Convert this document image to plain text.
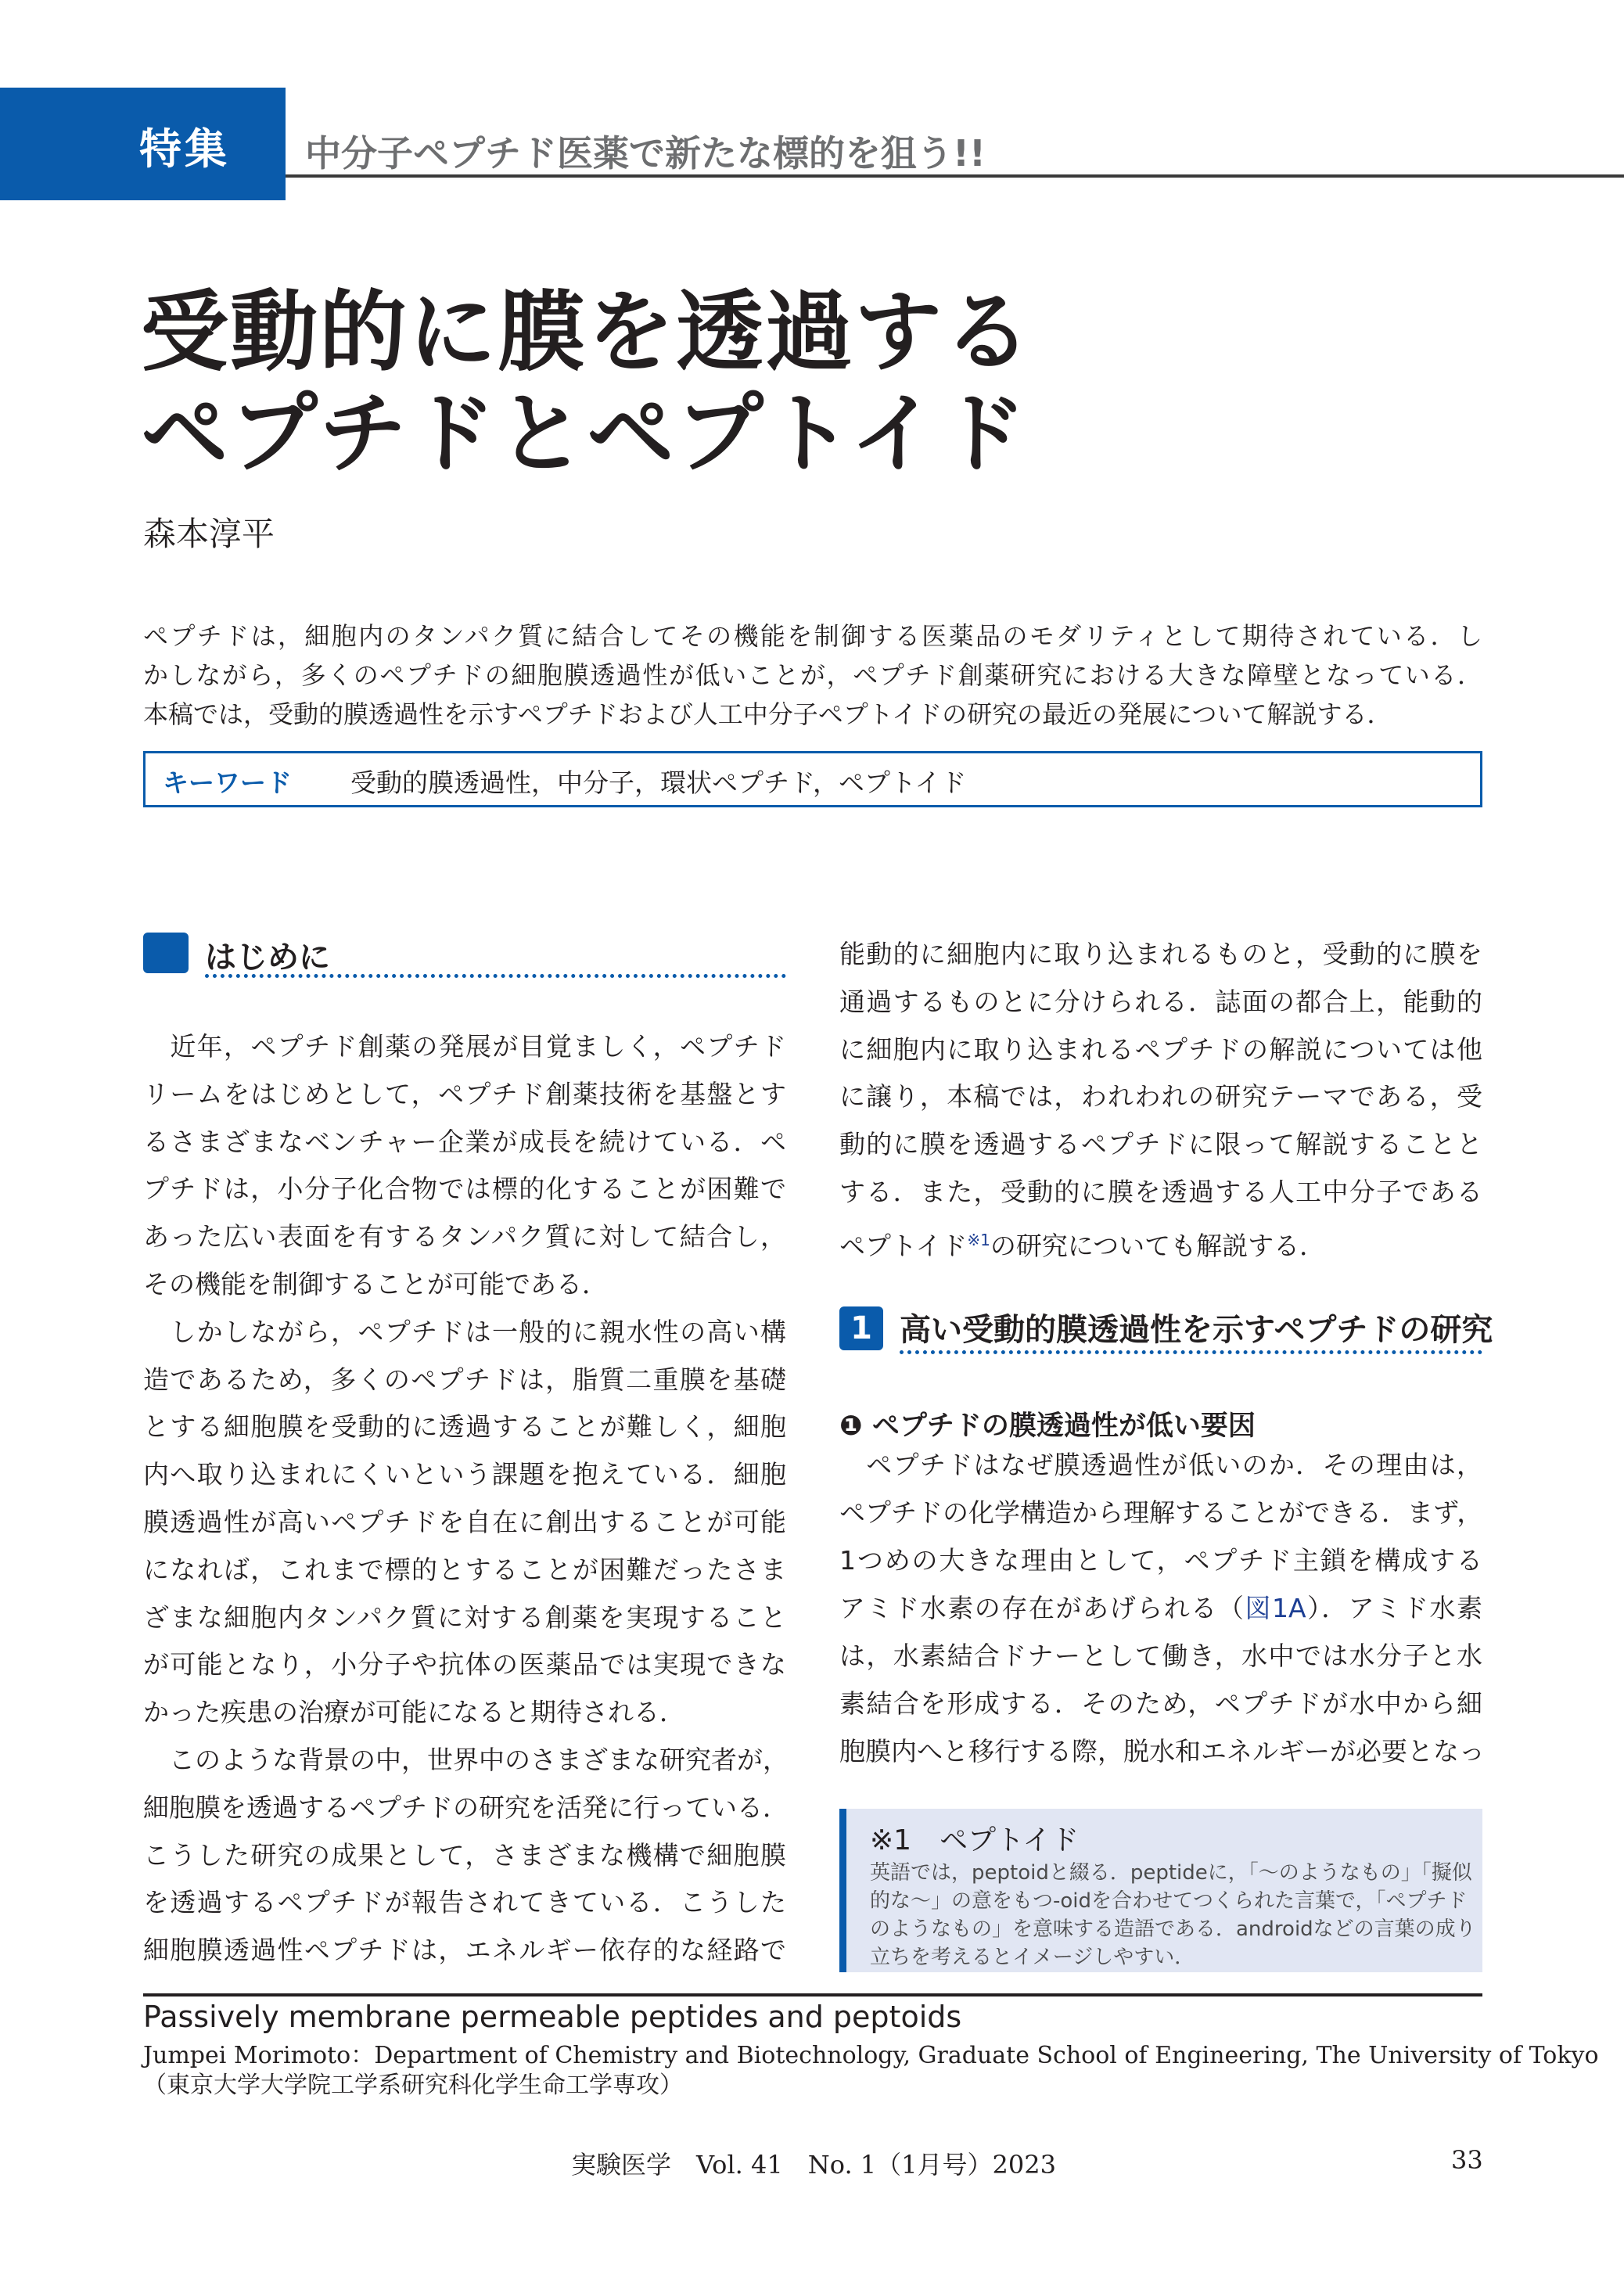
特集 中分子ペプチド医薬で新たな標的を狙う!!
受動的に膜を透過する
ペプチドとペプトイド
森本淳平
ペプチドは，細胞内のタンパク質に結合してその機能を制御する医薬品のモダリティとして期待されている．し
かしながら，多くのペプチドの細胞膜透過性が低いことが，ペプチド創薬研究における大きな障壁となっている．
本稿では，受動的膜透過性を示すペプチドおよび人工中分子ペプトイドの研究の最近の発展について解説する．
キーワード 受動的膜透過性，中分子，環状ペプチド，ペプトイド
はじめに
　近年，ペプチド創薬の発展が目覚ましく，ペプチド
リームをはじめとして，ペプチド創薬技術を基盤とす
るさまざまなベンチャー企業が成長を続けている．ペ
プチドは，小分子化合物では標的化することが困難で
あった広い表面を有するタンパク質に対して結合し，
その機能を制御することが可能である．
　しかしながら，ペプチドは一般的に親水性の高い構
造であるため，多くのペプチドは，脂質二重膜を基礎
とする細胞膜を受動的に透過することが難しく，細胞
内へ取り込まれにくいという課題を抱えている．細胞
膜透過性が高いペプチドを自在に創出することが可能
になれば，これまで標的とすることが困難だったさま
ざまな細胞内タンパク質に対する創薬を実現すること
が可能となり，小分子や抗体の医薬品では実現できな
かった疾患の治療が可能になると期待される．
　このような背景の中，世界中のさまざまな研究者が，
細胞膜を透過するペプチドの研究を活発に行っている．
こうした研究の成果として，さまざまな機構で細胞膜
を透過するペプチドが報告されてきている．こうした
細胞膜透過性ペプチドは，エネルギー依存的な経路で
能動的に細胞内に取り込まれるものと，受動的に膜を
通過するものとに分けられる．誌面の都合上，能動的
に細胞内に取り込まれるペプチドの解説については他
に譲り，本稿では，われわれの研究テーマである，受
動的に膜を透過するペプチドに限って解説することと
する．また，受動的に膜を透過する人工中分子である
ペプトイド$^{※1}$の研究についても解説する．
1 高い受動的膜透過性を示すペプチドの研究
❶ ペプチドの膜透過性が低い要因
　ペプチドはなぜ膜透過性が低いのか．その理由は，
ペプチドの化学構造から理解することができる．まず，
1つめの大きな理由として，ペプチド主鎖を構成する
アミド水素の存在があげられる（図1A）．アミド水素
は，水素結合ドナーとして働き，水中では水分子と水
素結合を形成する．そのため，ペプチドが水中から細
胞膜内へと移行する際，脱水和エネルギーが必要となっ
※1　ペプトイド
英語では，peptoidと綴る．peptideに，「～のようなもの」「擬似
的な～」の意をもつ-oidを合わせてつくられた言葉で，「ペプチド
のようなもの」を意味する造語である．androidなどの言葉の成り
立ちを考えるとイメージしやすい．
Passively membrane permeable peptides and peptoids
Jumpei Morimoto：Department of Chemistry and Biotechnology, Graduate School of Engineering, The University of Tokyo
（東京大学大学院工学系研究科化学生命工学専攻）
実験医学　Vol. 41　No. 1（1月号）2023	33
